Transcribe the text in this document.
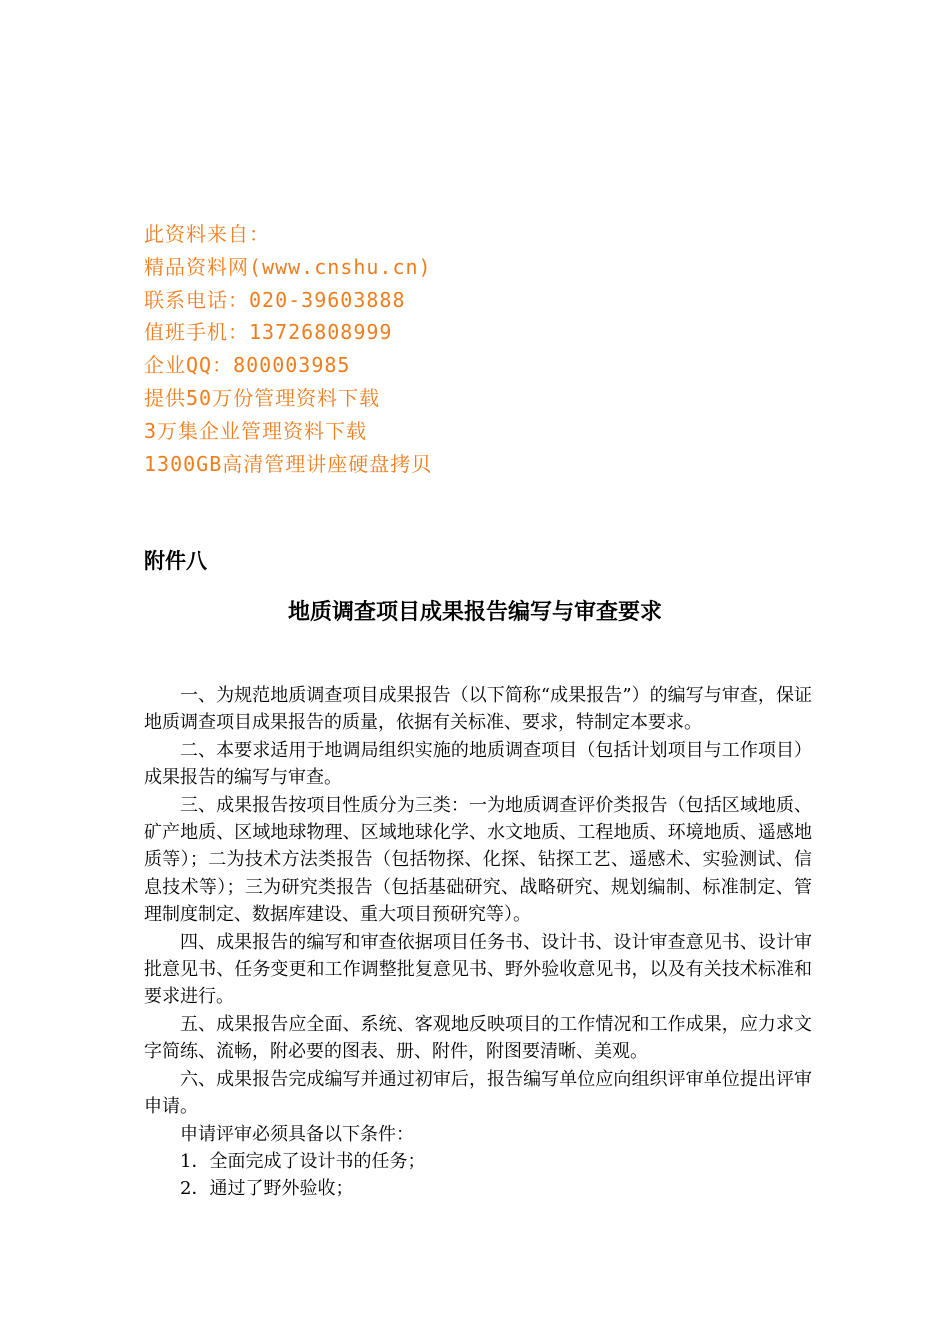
此资料来自：
精品资料网(www.cnshu.cn)
联系电话：020-39603888
值班手机：13726808999
企业QQ：800003985
提供50万份管理资料下载
3万集企业管理资料下载
1300GB高清管理讲座硬盘拷贝
附件八
地质调查项目成果报告编写与审查要求

一、为规范地质调查项目成果报告（以下简称“成果报告”）的编写与审查，保证地质调查项目成果报告的质量，依据有关标准、要求，特制定本要求。

二、本要求适用于地调局组织实施的地质调查项目（包括计划项目与工作项目）成果报告的编写与审查。

三、成果报告按项目性质分为三类：一为地质调查评价类报告（包括区域地质、矿产地质、区域地球物理、区域地球化学、水文地质、工程地质、环境地质、遥感地质等）；二为技术方法类报告（包括物探、化探、钻探工艺、遥感术、实验测试、信息技术等）；三为研究类报告（包括基础研究、战略研究、规划编制、标准制定、管理制度制定、数据库建设、重大项目预研究等）。

四、成果报告的编写和审查依据项目任务书、设计书、设计审查意见书、设计审批意见书、任务变更和工作调整批复意见书、野外验收意见书，以及有关技术标准和要求进行。

五、成果报告应全面、系统、客观地反映项目的工作情况和工作成果，应力求文字简练、流畅，附必要的图表、册、附件，附图要清晰、美观。

六、成果报告完成编写并通过初审后，报告编写单位应向组织评审单位提出评审申请。

申请评审必须具备以下条件：

1．全面完成了设计书的任务；

2．通过了野外验收；
